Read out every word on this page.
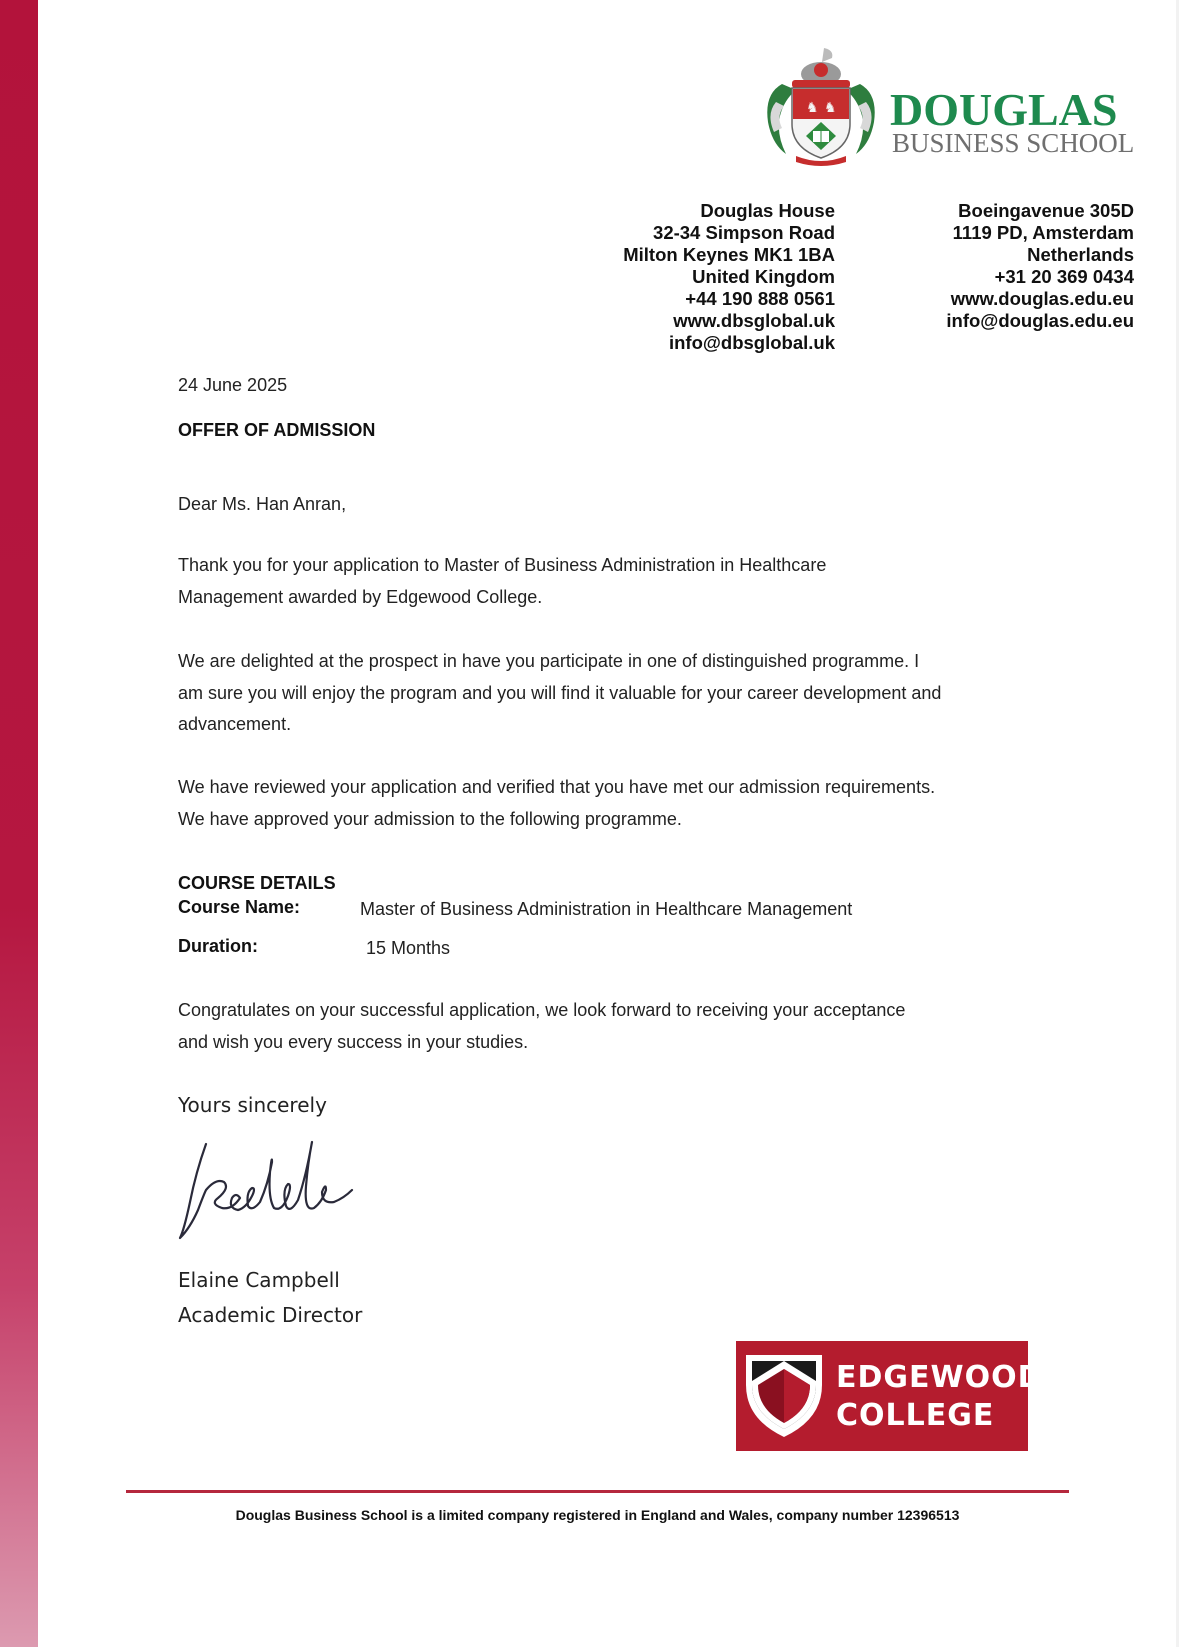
♞ ♞ DOUGLAS
BUSINESS SCHOOL
Douglas House
32-34 Simpson Road
Milton Keynes MK1 1BA
United Kingdom
+44 190 888 0561
www.dbsglobal.uk
info@dbsglobal.uk
Boeingavenue 305D
1119 PD, Amsterdam
Netherlands
+31 20 369 0434
www.douglas.edu.eu
info@douglas.edu.eu
24 June 2025
OFFER OF ADMISSION
Dear Ms. Han Anran,
Thank you for your application to Master of Business Administration in Healthcare
Management awarded by Edgewood College.
We are delighted at the prospect in have you participate in one of distinguished programme. I
am sure you will enjoy the program and you will find it valuable for your career development and
advancement.
We have reviewed your application and verified that you have met our admission requirements.
We have approved your admission to the following programme.
COURSE DETAILS
Course Name:	Master of Business Administration in Healthcare Management
Duration:	15 Months
Congratulates on your successful application, we look forward to receiving your acceptance
and wish you every success in your studies.
Yours sincerely
Elaine Campbell
Academic Director
EDGEWOOD
COLLEGE
Douglas Business School is a limited company registered in England and Wales, company number 12396513
